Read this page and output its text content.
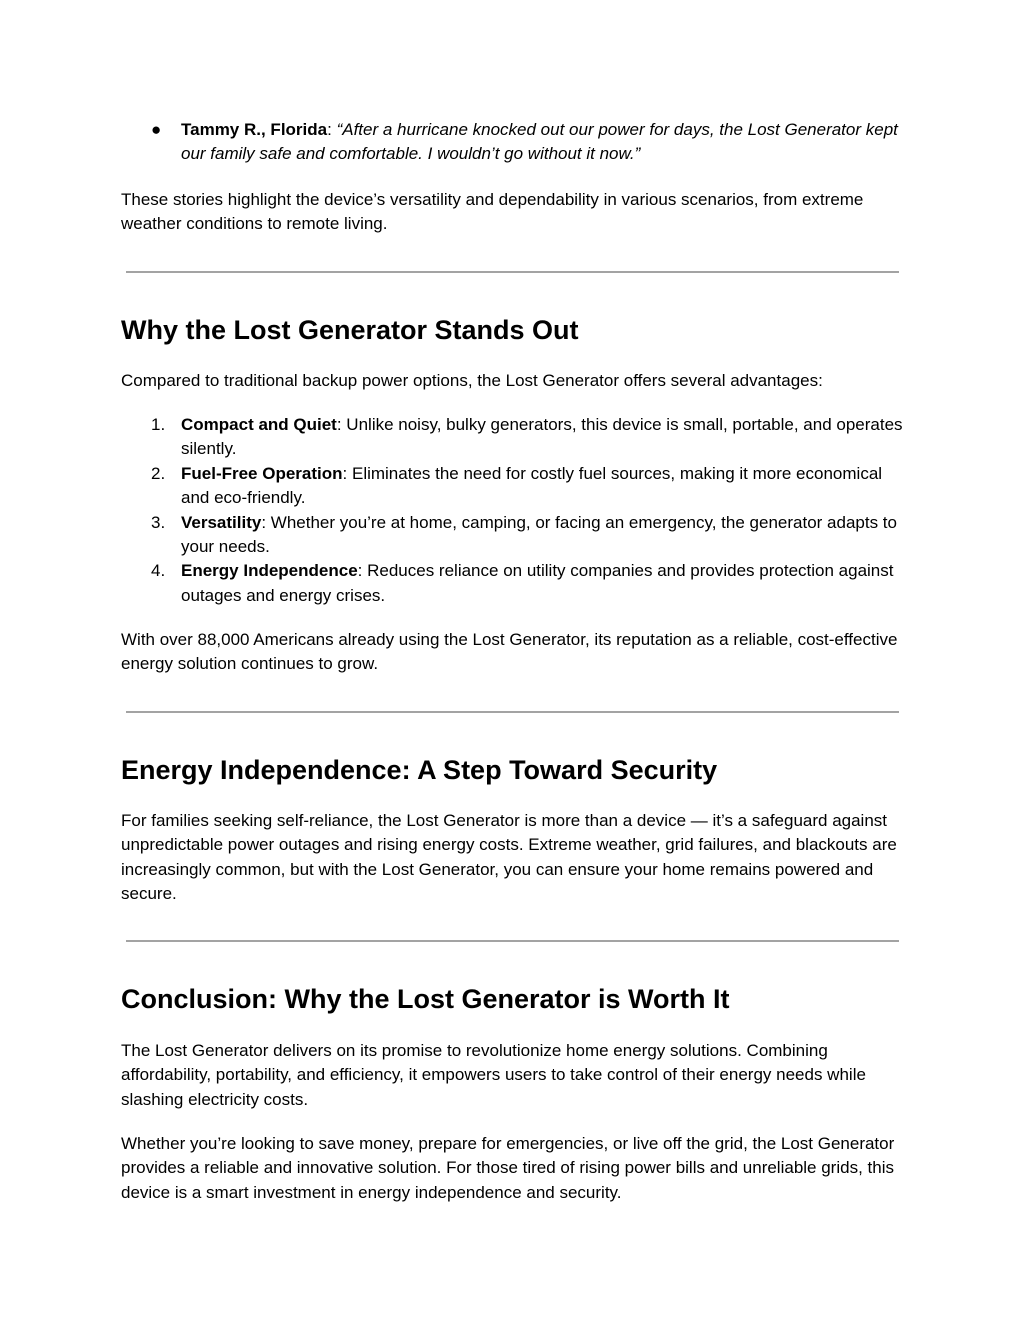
● Tammy R., Florida: “After a hurricane knocked out our power for days, the Lost Generator kept our family safe and comfortable. I wouldn’t go without it now.”

These stories highlight the device’s versatility and dependability in various scenarios, from extreme weather conditions to remote living.

Why the Lost Generator Stands Out

Compared to traditional backup power options, the Lost Generator offers several advantages:

1. Compact and Quiet: Unlike noisy, bulky generators, this device is small, portable, and operates silently.
2. Fuel-Free Operation: Eliminates the need for costly fuel sources, making it more economical and eco-friendly.
3. Versatility: Whether you’re at home, camping, or facing an emergency, the generator adapts to your needs.
4. Energy Independence: Reduces reliance on utility companies and provides protection against outages and energy crises.

With over 88,000 Americans already using the Lost Generator, its reputation as a reliable, cost-effective energy solution continues to grow.

Energy Independence: A Step Toward Security

For families seeking self-reliance, the Lost Generator is more than a device — it’s a safeguard against unpredictable power outages and rising energy costs. Extreme weather, grid failures, and blackouts are increasingly common, but with the Lost Generator, you can ensure your home remains powered and secure.

Conclusion: Why the Lost Generator is Worth It

The Lost Generator delivers on its promise to revolutionize home energy solutions. Combining affordability, portability, and efficiency, it empowers users to take control of their energy needs while slashing electricity costs.

Whether you’re looking to save money, prepare for emergencies, or live off the grid, the Lost Generator provides a reliable and innovative solution. For those tired of rising power bills and unreliable grids, this device is a smart investment in energy independence and security.
